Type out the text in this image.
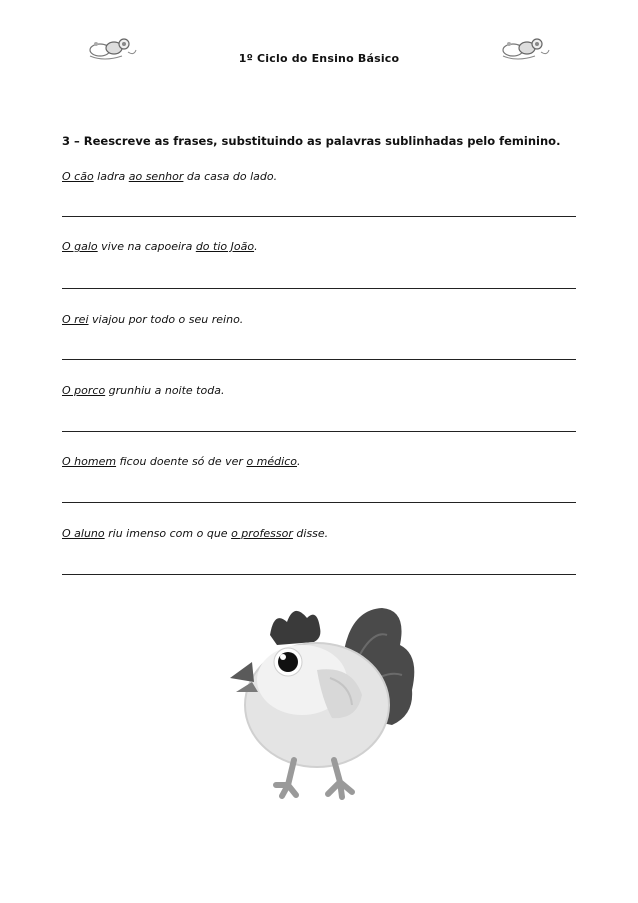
1º Ciclo do Ensino Básico
3 – Reescreve as frases, substituindo as palavras sublinhadas pelo feminino.
O cão ladra ao senhor da casa do lado.
O galo vive na capoeira do tio João.
O rei viajou por todo o seu reino.
O porco grunhiu a noite toda.
O homem ficou doente só de ver o médico.
O aluno riu imenso com o que o professor disse.
